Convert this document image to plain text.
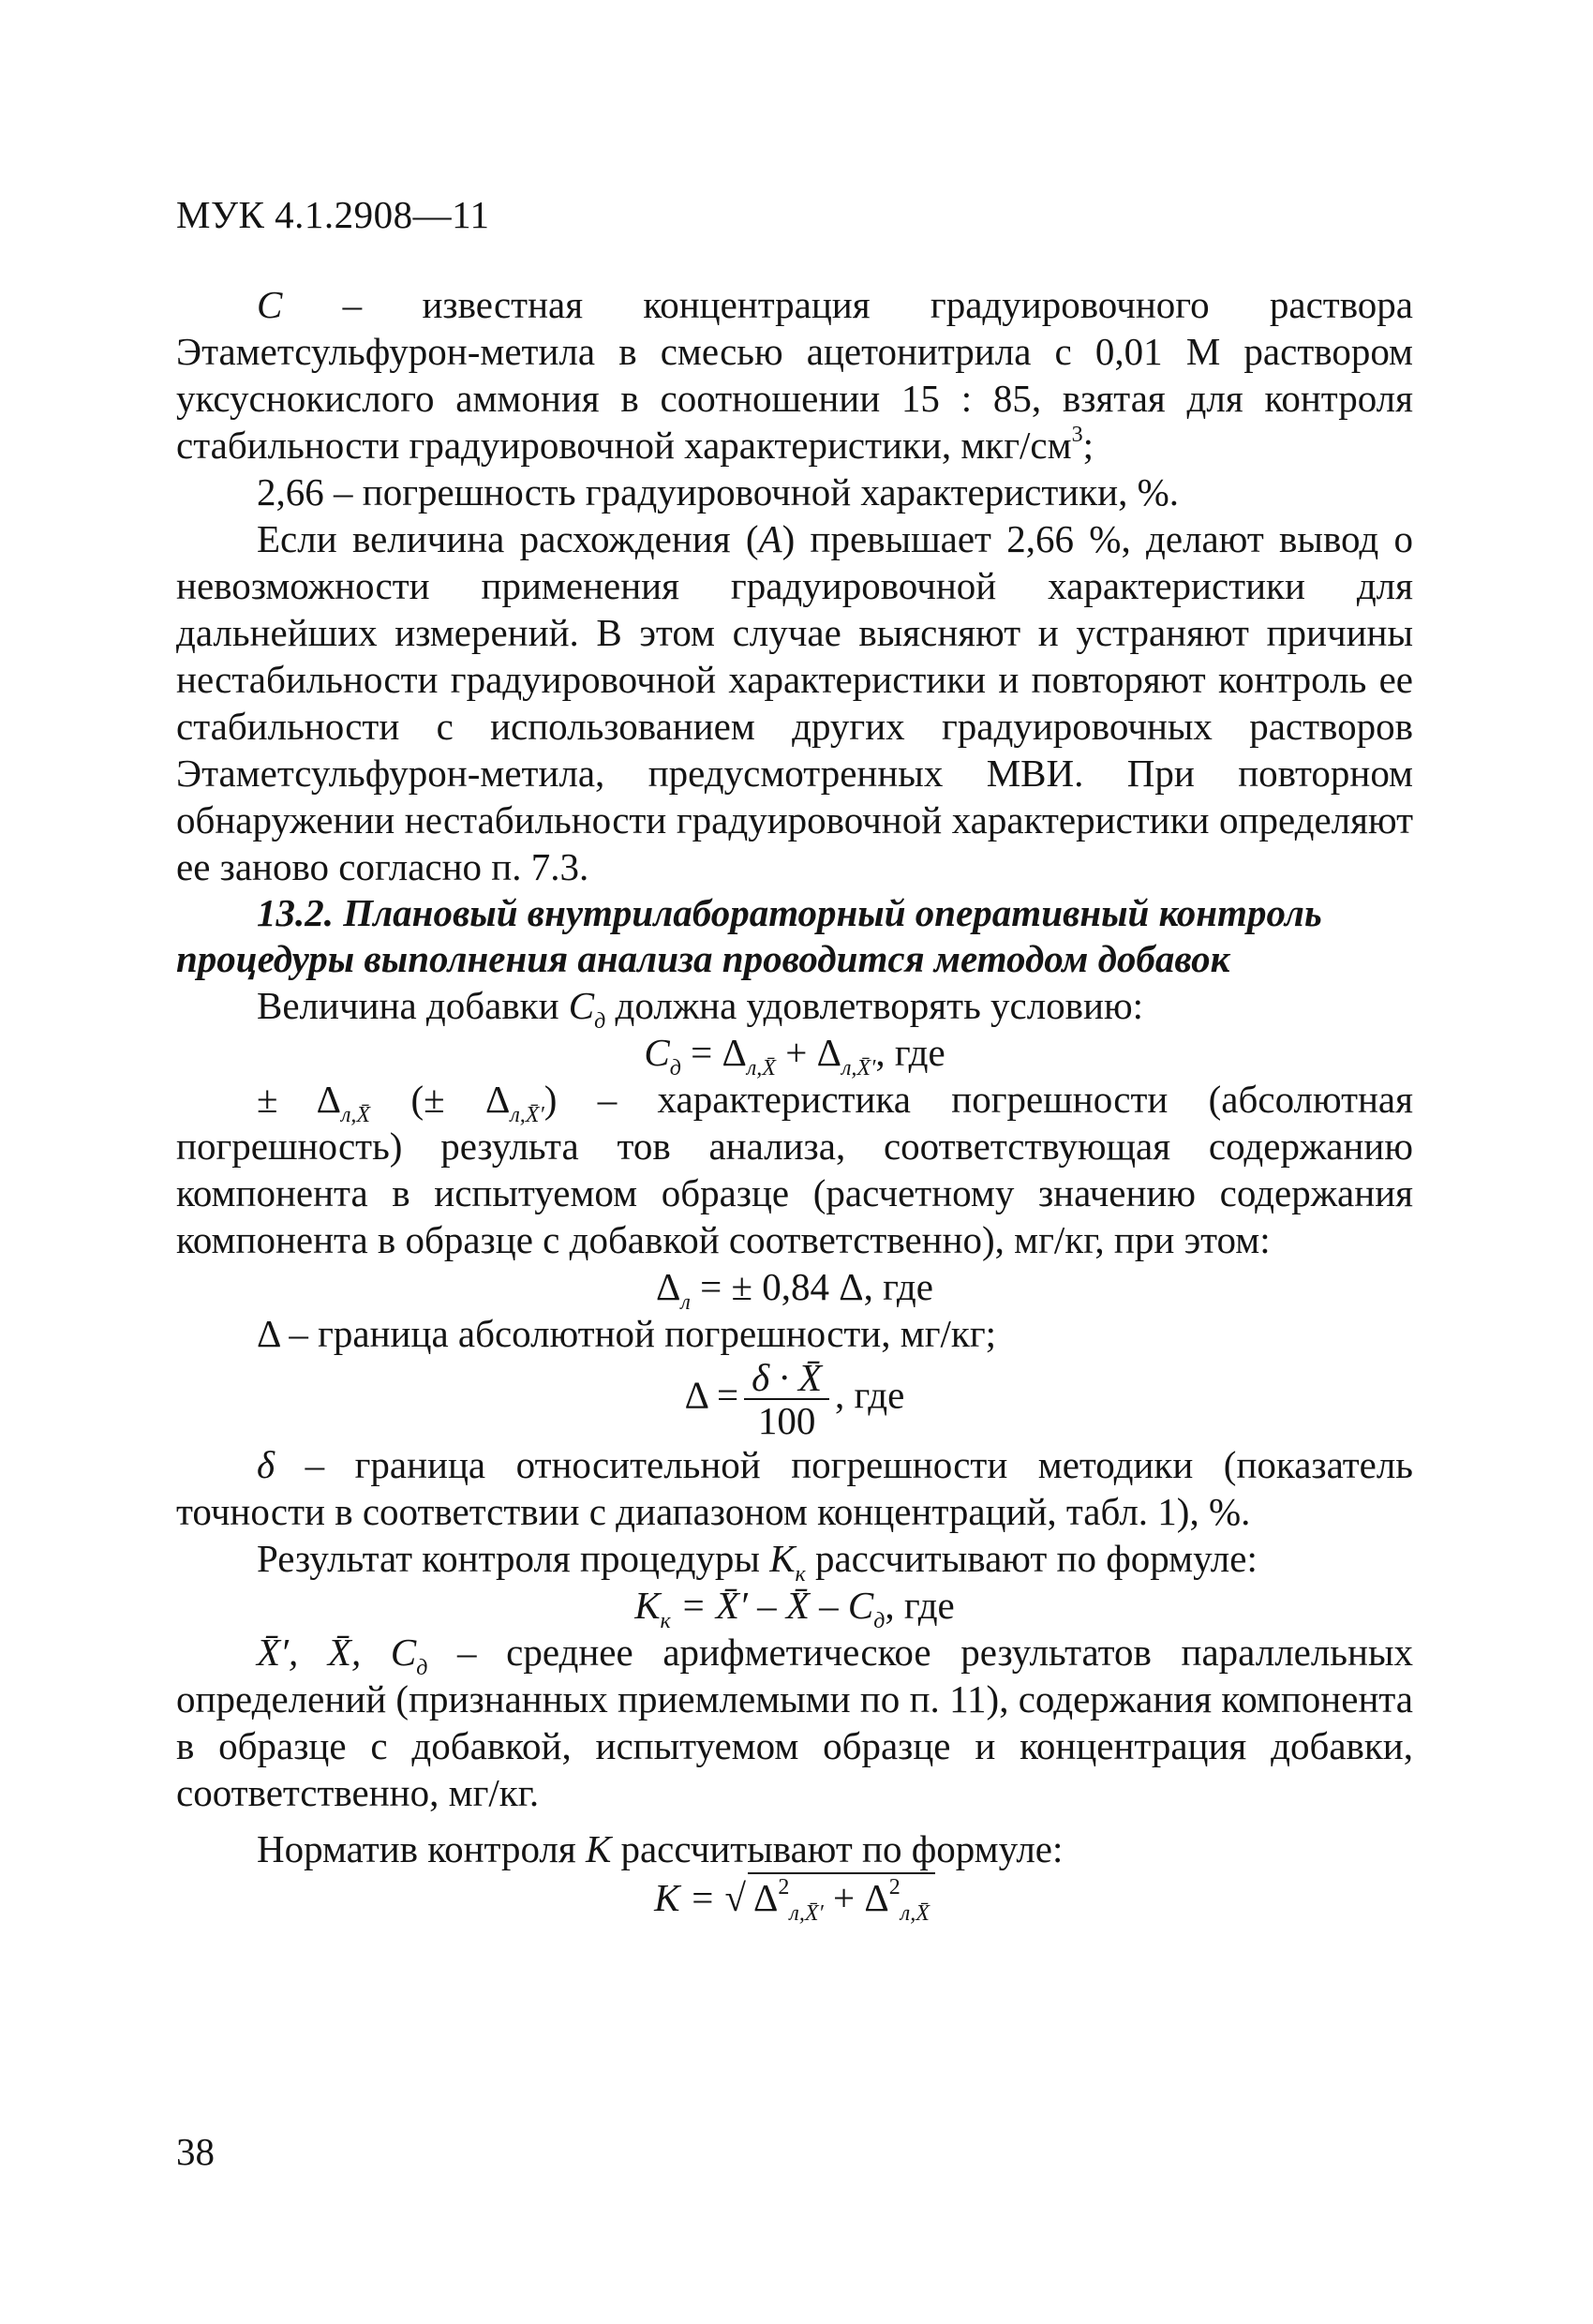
МУК 4.1.2908—11

С – известная концентрация градуировочного раствора Этаметсульфурон-метила в смесью ацетонитрила с 0,01 М раствором уксуснокислого аммония в соотношении 15 : 85, взятая для контроля стабильности градуировочной характеристики, мкг/$см^3$;

2,66 – погрешность градуировочной характеристики, %.

Если величина расхождения (А) превышает 2,66 %, делают вывод о невозможности применения градуировочной характеристики для дальнейших измерений. В этом случае выясняют и устраняют причины нестабильности градуировочной характеристики и повторяют контроль ее стабильности с использованием других градуировочных растворов Этаметсульфурон-метила, предусмотренных МВИ. При повторном обнаружении нестабильности градуировочной характеристики определяют ее заново согласно п. 7.3.

13.2. Плановый внутрилабораторный оперативный контроль процедуры выполнения анализа проводится методом добавок

Величина добавки $С_д$ должна удовлетворять условию:

$С_д = \Delta_{л,X̄} + \Delta_{л,X̄'}$, где

± $\Delta_{л,X̄}$ (± $\Delta_{л,X̄'}$) – характеристика погрешности (абсолютная погрешность) результа тов анализа, соответствующая содержанию компонента в испытуемом образце (расчетному значению содержания компонента в образце с добавкой соответственно), мг/кг, при этом:

$\Delta_л$ = ± 0,84 Δ, где

Δ – граница абсолютной погрешности, мг/кг;

$\Delta = \frac{\delta \cdot X̄}{100}$ , где

δ – граница относительной погрешности методики (показатель точности в соответствии с диапазоном концентраций, табл. 1), %.

Результат контроля процедуры $К_к$ рассчитывают по формуле:

$К_к$ = X̄′ – X̄ – $С_д$, где

X̄′, X̄, $С_д$ – среднее арифметическое результатов параллельных определений (признанных приемлемыми по п. 11), содержания компонента в образце с добавкой, испытуемом образце и концентрация добавки, соответственно, мг/кг.

Норматив контроля К рассчитывают по формуле:

К = √ $\Delta^2_{л,X̄'} + \Delta^2_{л,X̄}$

38
